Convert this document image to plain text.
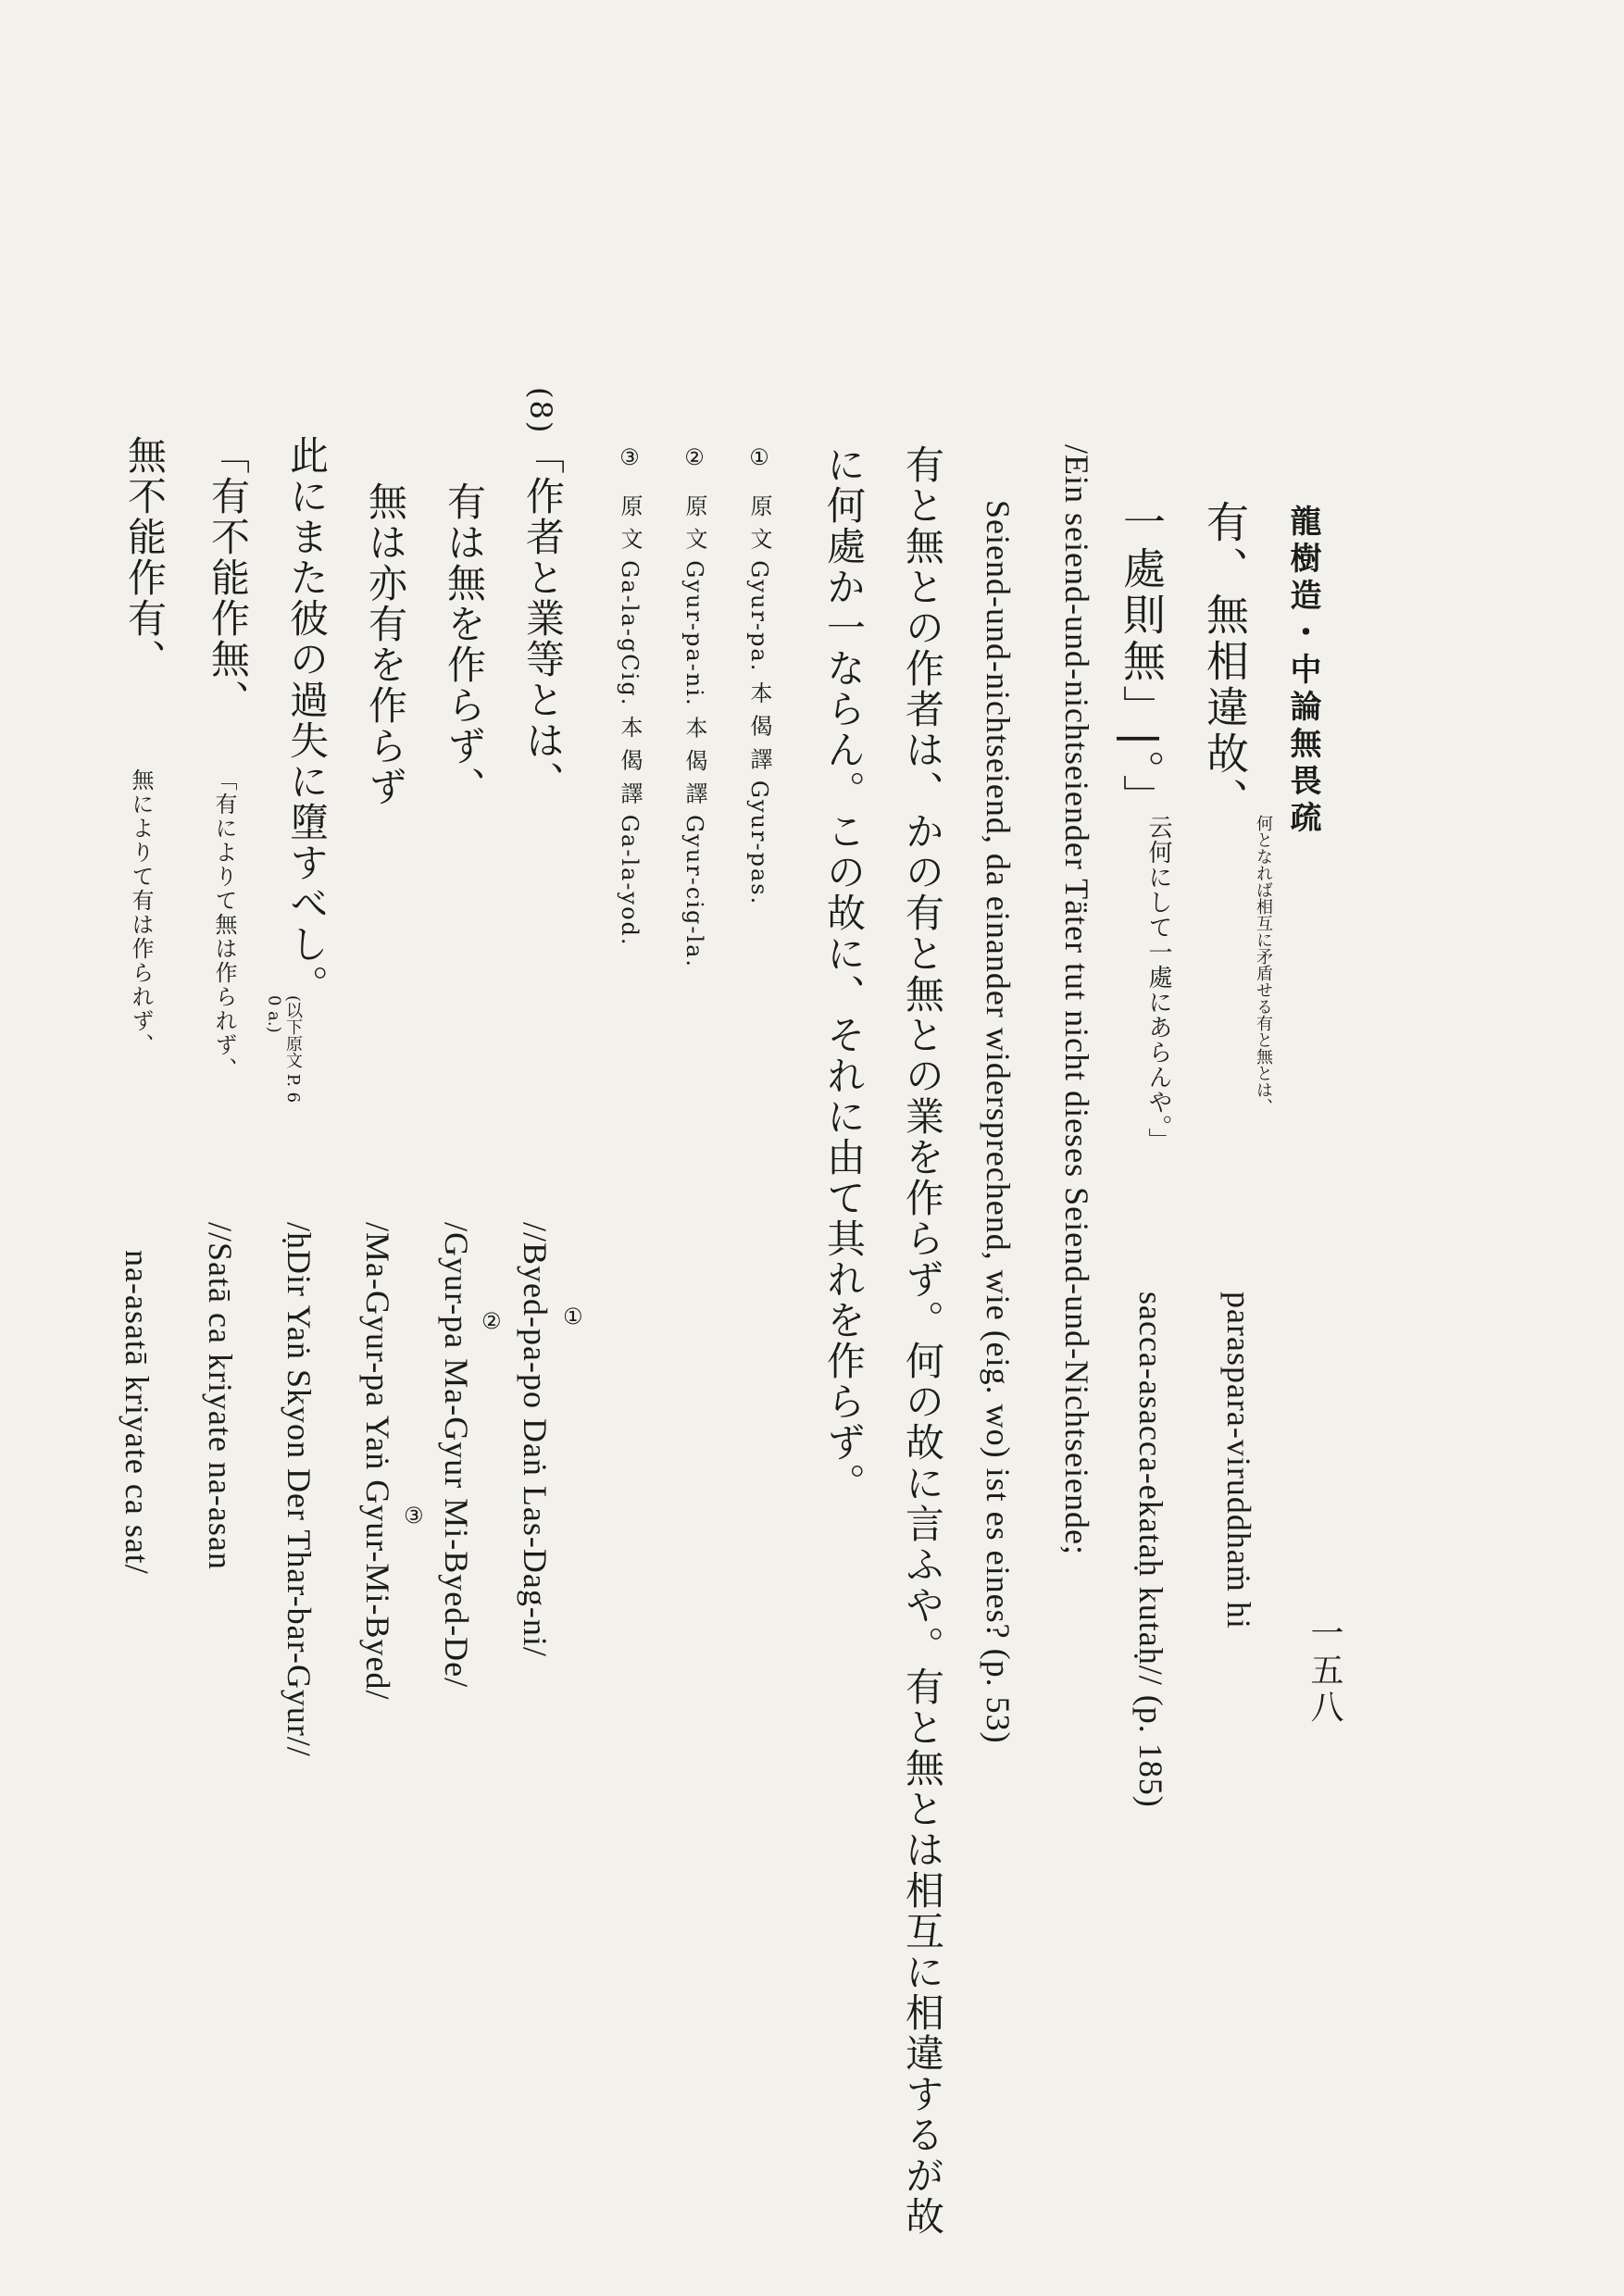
龍樹造・中論無畏疏
一五八
有、無相違故、
何となれば相互に矛盾せる有と無とは、
一處則無」|。」
云何にして一處にあらんや。」
paraspara-viruddhaṁ hi
sacca-asacca-ekataḥ kutaḥ// (p. 185)
/Ein seiend-und-nichtseiender Täter tut nicht dieses Seiend-und-Nichtseiende;
Seiend-und-nichtseiend, da einander widersprechend, wie (eig. wo) ist es eines? (p. 53)
有と無との作者は、かの有と無との業を作らず。何の故に言ふや。有と無とは相互に相違するが故
に何處か一ならん。この故に、それに由て其れを作らず。
① 原 文 Gyur-pa. 本 偈 譯 Gyur-pas.
② 原 文 Gyur-pa-ni. 本 偈 譯 Gyur-cig-la.
③ 原 文 Ga-la-gCig. 本 偈 譯 Ga-la-yod.
(8)
「作者と業等とは、
有は無を作らず、
無は亦有を作らず
此にまた彼の過失に墮すべし。
(以下原文 P. 6 0 a.)
「有不能作無、
「有によりて無は作られず、
無不能作有、
無によりて有は作られず、
//Byed-pa-po Daṅ Las-Dag-ni/
/Gyur-pa Ma-Gyur Mi-Byed-De/
/Ma-Gyur-pa Yaṅ Gyur-Mi-Byed/
/ḥDir Yaṅ Skyon Der Thar-bar-Gyur//
//Satā ca kriyate na-asan
na-asatā kriyate ca sat/	①
②
③
